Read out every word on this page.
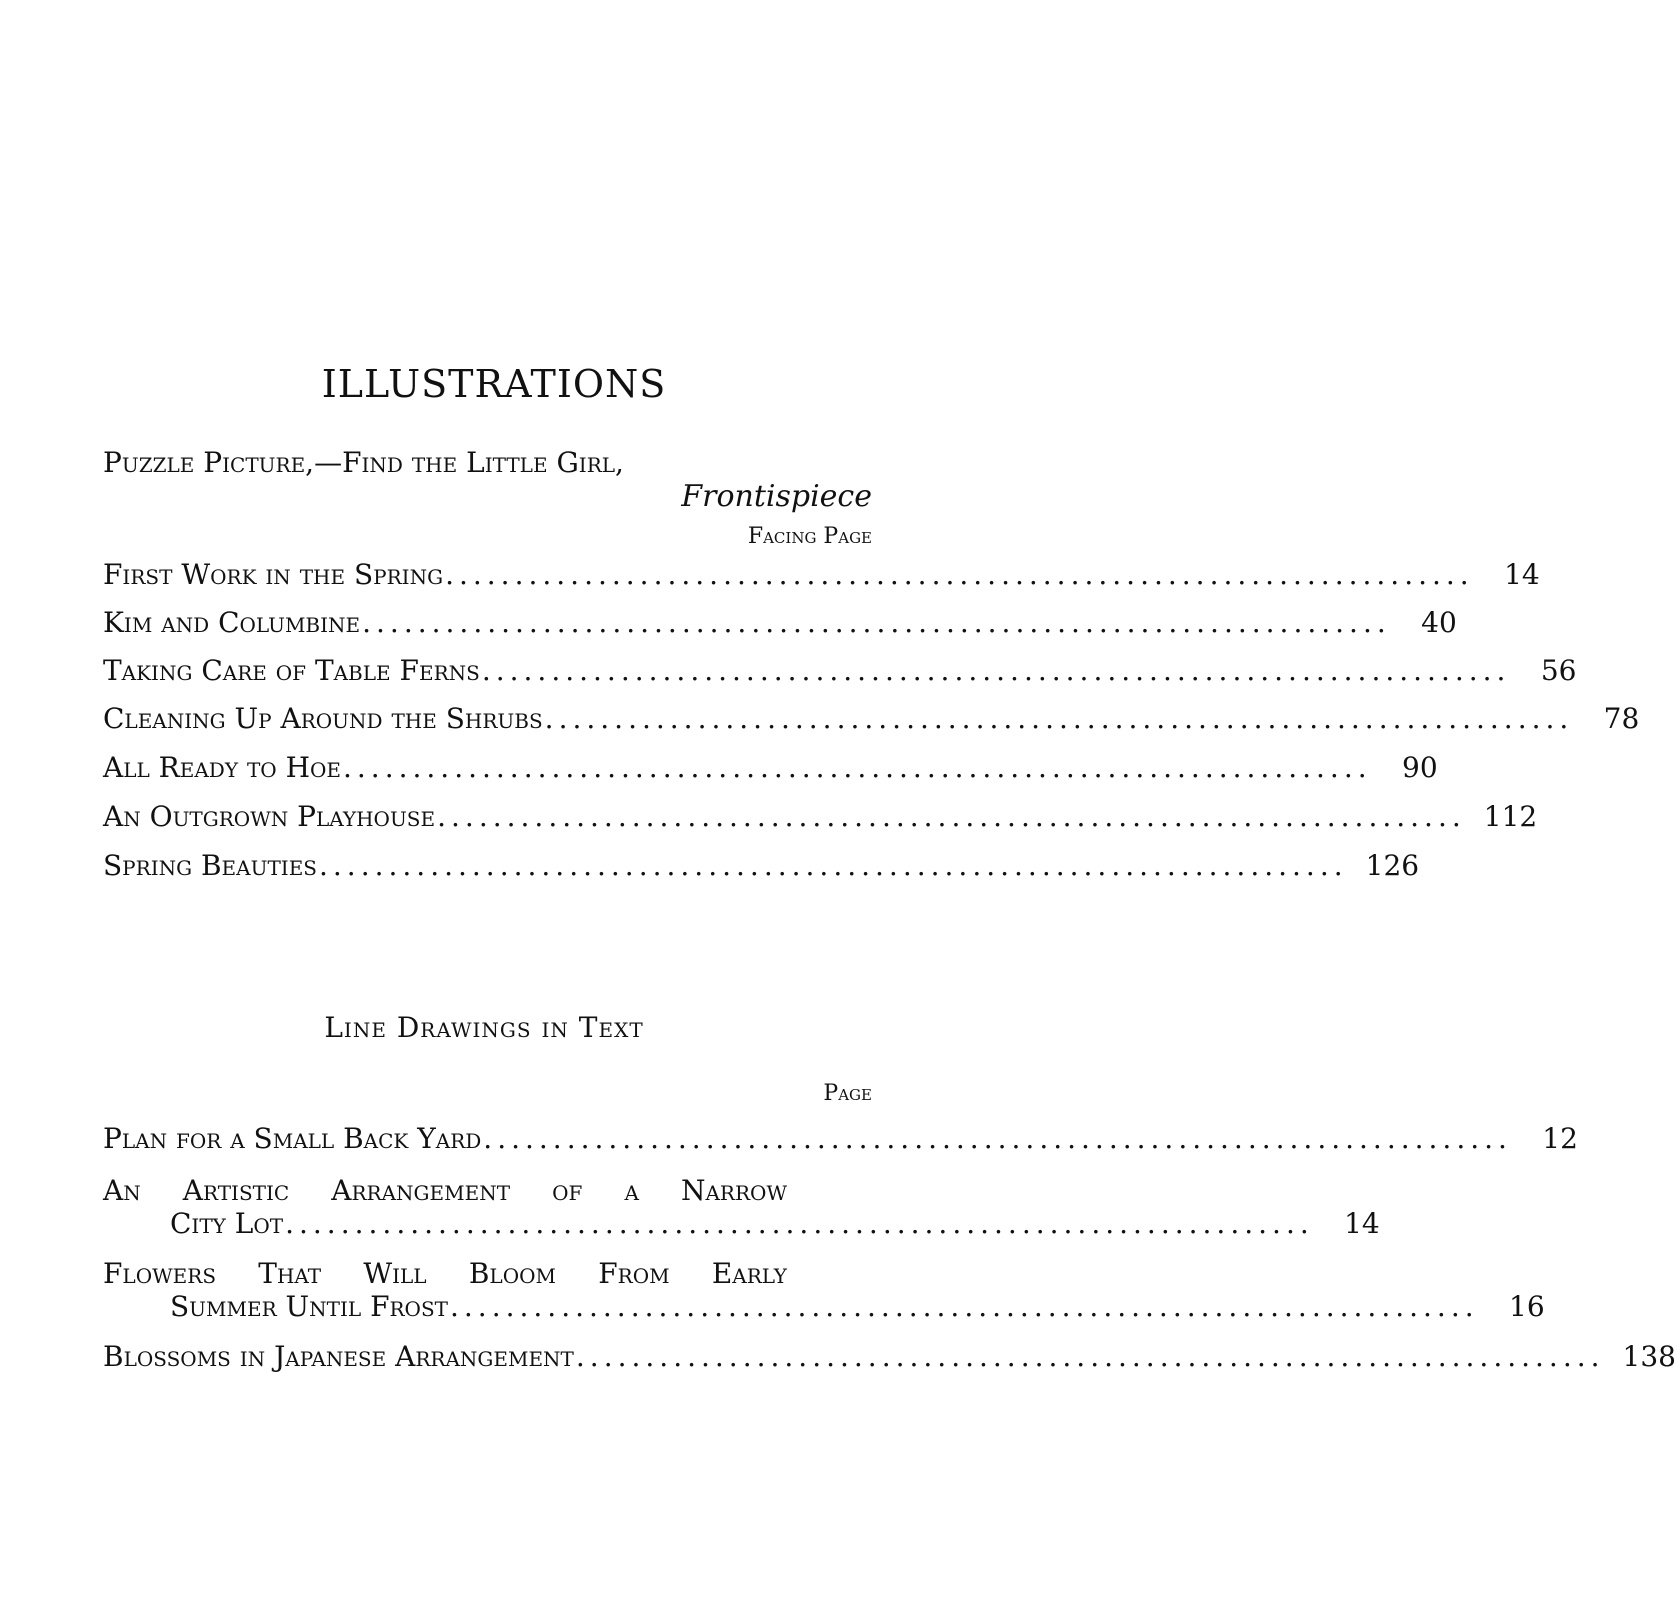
ILLUSTRATIONS
Puzzle Picture,—Find the Little Girl,
Frontispiece
Facing Page
First Work in the Spring ..........................................................................	14
Kim and Columbine ..........................................................................	40
Taking Care of Table Ferns ..........................................................................	56
Cleaning Up Around the Shrubs ..........................................................................	78
All Ready to Hoe ..........................................................................	90
An Outgrown Playhouse .......................................................................... 112
Spring Beauties .......................................................................... 126
Line Drawings in Text
Page
Plan for a Small Back Yard ..........................................................................	12
An Artistic Arrangement of a Narrow
City Lot ..........................................................................	14
Flowers That Will Bloom From Early
Summer Until Frost ..........................................................................	16
Blossoms in Japanese Arrangement .......................................................................... 138
